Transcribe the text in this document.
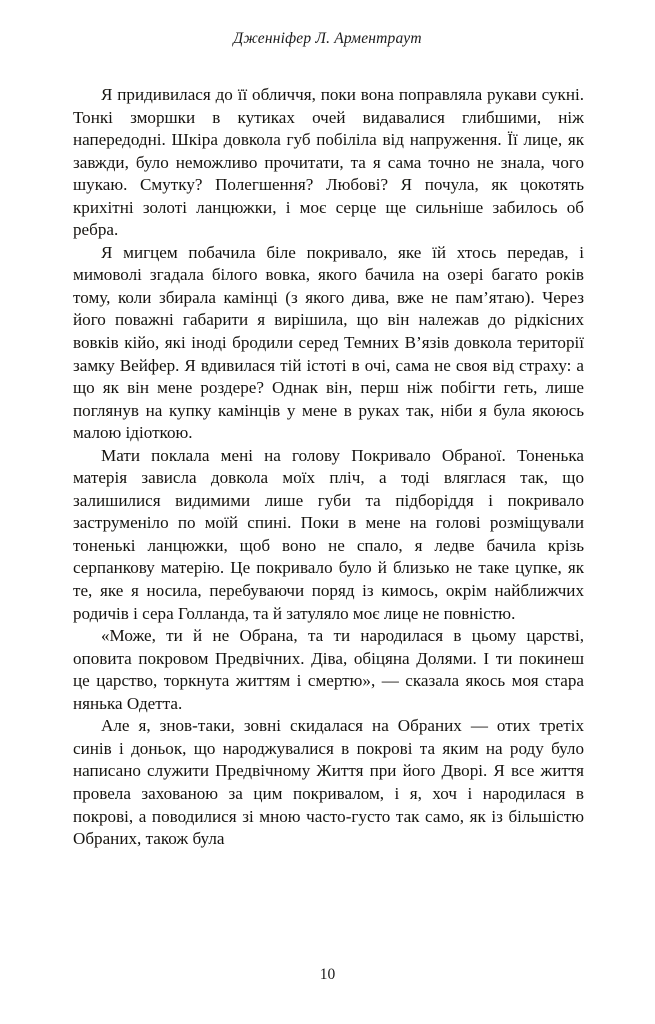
Дженніфер Л. Арментраут

Я придивилася до її обличчя, поки вона поправляла рукави сукні. Тонкі зморшки в кутиках очей видавалися глибшими, ніж напередодні. Шкіра довкола губ побіліла від напруження. Її лице, як завжди, було неможливо прочитати, та я сама точно не знала, чого шукаю. Смутку? Полегшення? Любові? Я почула, як цокотять крихітні золоті ланцюжки, і моє серце ще сильніше забилось об ребра.

Я мигцем побачила біле покривало, яке їй хтось передав, і мимоволі згадала білого вовка, якого бачила на озері багато років тому, коли збирала камінці (з якого дива, вже не пам’ятаю). Через його поважні габарити я вирішила, що він належав до рідкісних вовків кійо, які іноді бродили серед Темних В’язів довкола території замку Вейфер. Я вдивилася тій істоті в очі, сама не своя від страху: а що як він мене роздере? Однак він, перш ніж побігти геть, лише поглянув на купку камінців у мене в руках так, ніби я була якоюсь малою ідіоткою.

Мати поклала мені на голову Покривало Обраної. Тоненька матерія зависла довкола моїх пліч, а тоді вляглася так, що залишилися видимими лише губи та підборіддя і покривало заструменіло по моїй спині. Поки в мене на голові розміщували тоненькі ланцюжки, щоб воно не спало, я ледве бачила крізь серпанкову матерію. Це покривало було й близько не таке цупке, як те, яке я носила, перебуваючи поряд із кимось, окрім найближчих родичів і сера Голланда, та й затуляло моє лице не повністю.

«Може, ти й не Обрана, та ти народилася в цьому царстві, оповита покровом Предвічних. Діва, обіцяна Долями. І ти покинеш це царство, торкнута життям і смертю», — сказала якось моя стара нянька Одетта.

Але я, знов-таки, зовні скидалася на Обраних — отих третіх синів і доньок, що народжувалися в покрові та яким на роду було написано служити Предвічному Життя при його Дворі. Я все життя провела захованою за цим покривалом, і я, хоч і народилася в покрові, а поводилися зі мною часто-густо так само, як із більшістю Обраних, також була

10
